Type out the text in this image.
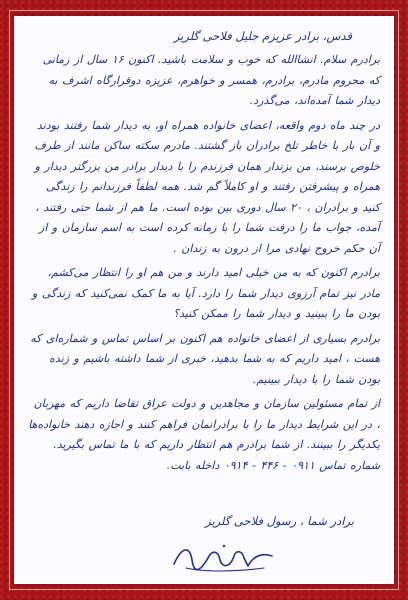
قدس، برادر عزیزم جلیل فلاحی گلریز

برادرم سلام. انشاالله که خوب و سلامت باشید. اکنون ۱۶ سال از زمانی که محروم مادرم، برادرم، همسر و خواهرم، عزیزه دوقرارگاه اشرف به دیدار شما آمده‌اند، می‌گذرد.

در چند ماه دوم واقعه، اعضای خانواده همراه او، به دیدار شما رفتند بودند و آن بار با خاطر تلخ برادران باز گشتند. مادرم سکته ساکن مانند از طرف خلوص برسند، من بزندار همان فرزندم را با دیدار برادر من بزرگتر دیدار و همراه و پیشرفتن رفتند و او کاملاً گم شد. همه لطفاً فرزندانم را زندگی کنید و برادران ، ۲۰ سال دوری بین بوده است. ما هم از شما حتی رفتند ، آمده، جواب ما را درفت شما را با زمانه کرده است به اسم سازمان و از آن حکم خروج نهادی مرا از درون به زندان .

برادرم اکنون که به من خیلی امید دارند و من هم او را انتظار می‌کشم، مادر نیز تمام آرزوی دیدار شما را دارد. آیا به ما کمک نمی‌کنید که زندگی و بودن ما را ببینید و دیدار شما را ممکن کنید؟

برادرم بسیاری از اعضای خانواده هم اکنون بر اساس تماس و شماره‌ای که هست ، امید داریم که به شما بدهید، خبری از شما داشته باشیم و زنده بودن شما را با دیدار ببینیم.

از تمام مسئولین سازمان و مجاهدین و دولت عراق تقاضا داریم که مهربان ، در این شرایط دیدار ما را با برادرانمان فراهم کنند و اجازه دهند خانواده‌ها یکدیگر را ببینند. از شما برادرم هم انتظار داریم که با ما تماس بگیرید. شماره تماس ۰۹۱۱ - ۴۴۶ - ۰۹۱۴ داخله بابت.

برادر شما ، رسول فلاحی گلریز
